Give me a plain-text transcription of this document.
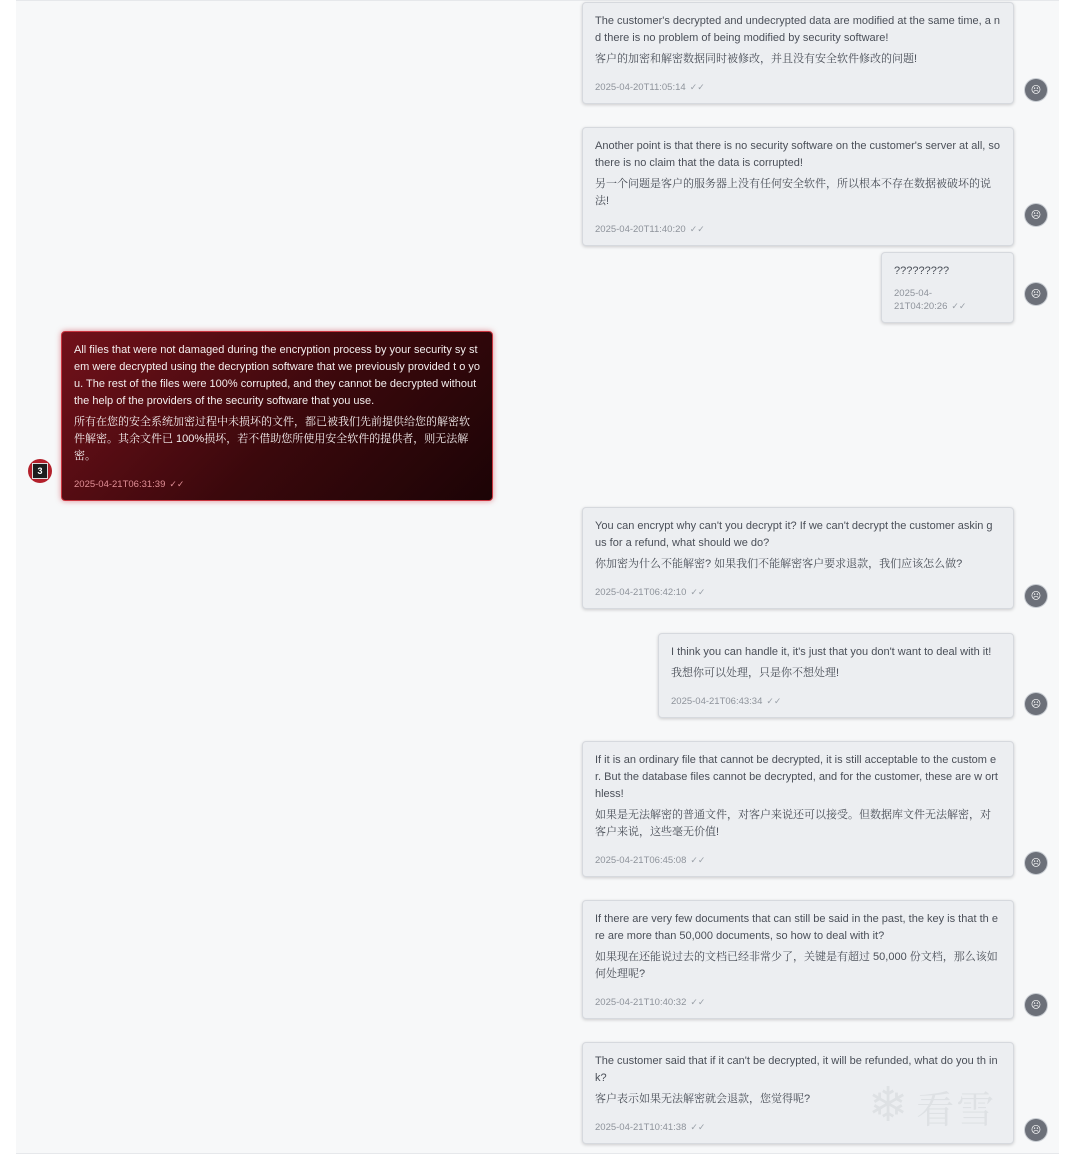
The customer's decrypted and undecrypted data are modified at the same time, a nd there is no problem of being modified by security software!
客户的加密和解密数据同时被修改，并且没有安全软件修改的问题!
2025-04-20T11:05:14 ✓✓	☹
Another point is that there is no security software on the customer's server at all, so there is no claim that the data is corrupted!
另一个问题是客户的服务器上没有任何安全软件，所以根本不存在数据被破坏的说法!
2025-04-20T11:40:20 ✓✓
☹
?????????
2025-04-21T04:20:26 ✓✓
☹
All files that were not damaged during the encryption process by your security sy stem were decrypted using the decryption software that we previously provided t o you. The rest of the files were 100% corrupted, and they cannot be decrypted without the help of the providers of the security software that you use.
所有在您的安全系统加密过程中未损坏的文件，都已被我们先前提供给您的解密软件解密。其余文件已 100%损坏，若不借助您所使用安全软件的提供者，则无法解密。
2025-04-21T06:31:39 ✓✓
3
You can encrypt why can't you decrypt it? If we can't decrypt the customer askin g us for a refund, what should we do?
你加密为什么不能解密? 如果我们不能解密客户要求退款，我们应该怎么做?
2025-04-21T06:42:10 ✓✓	☹
I think you can handle it, it's just that you don't want to deal with it!
我想你可以处理，只是你不想处理!
2025-04-21T06:43:34 ✓✓	☹
If it is an ordinary file that cannot be decrypted, it is still acceptable to the custom er. But the database files cannot be decrypted, and for the customer, these are w orthless!
如果是无法解密的普通文件，对客户来说还可以接受。但数据库文件无法解密，对客户来说，这些毫无价值!
2025-04-21T06:45:08 ✓✓	☹
If there are very few documents that can still be said in the past, the key is that th ere are more than 50,000 documents, so how to deal with it?
如果现在还能说过去的文档已经非常少了，关键是有超过 50,000 份文档，那么该如何处理呢?
2025-04-21T10:40:32 ✓✓	☹
The customer said that if it can't be decrypted, it will be refunded, what do you th ink?
客户表示如果无法解密就会退款，您觉得呢?
2025-04-21T10:41:38 ✓✓	☹
❄ 看雪
